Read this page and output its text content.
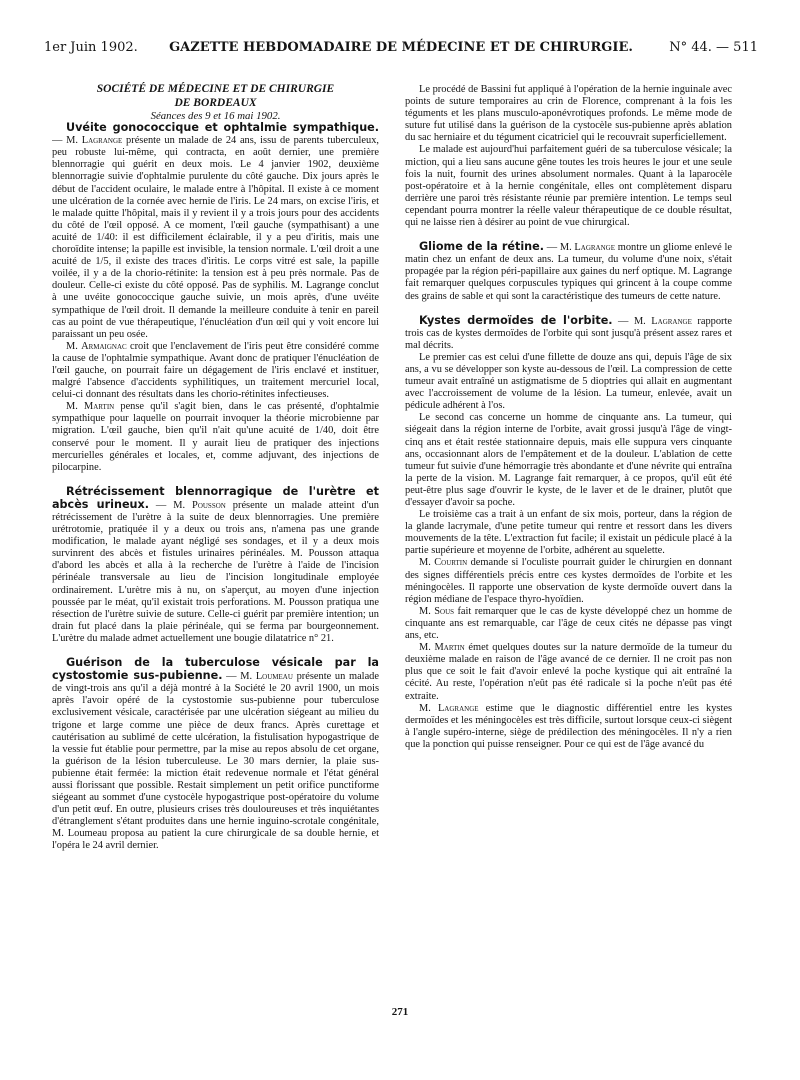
1er Juin 1902.	GAZETTE HEBDOMADAIRE DE MÉDECINE ET DE CHIRURGIE.	N° 44. — 511

SOCIÉTÉ DE MÉDECINE ET DE CHIRURGIE

DE BORDEAUX

Séances des 9 et 16 mai 1902.

Uvéite gonococcique et ophtalmie sympathique. — M. Lagrange présente un malade de 24 ans, issu de parents tuberculeux, peu robuste lui-même, qui contracta, en août dernier, une première blennorragie qui guérit en deux mois. Le 4 janvier 1902, deuxième blennorragie suivie d'ophtalmie purulente du côté gauche. Dix jours après le début de l'accident oculaire, le malade entre à l'hôpital. Il existe à ce moment une ulcération de la cornée avec hernie de l'iris. Le 24 mars, on excise l'iris, et le malade quitte l'hôpital, mais il y revient il y a trois jours pour des accidents du côté de l'œil opposé. A ce moment, l'œil gauche (sympathisant) a une acuité de 1/40: il est difficilement éclairable, il y a peu d'iritis, mais une choroïdite intense; la papille est invisible, la tension normale. L'œil droit a une acuité de 1/5, il existe des traces d'iritis. Le corps vitré est sale, la papille voilée, il y a de la chorio-rétinite: la tension est à peu près normale. Pas de douleur. Celle-ci existe du côté opposé. Pas de syphilis. M. Lagrange conclut à une uvéite gonococcique gauche suivie, un mois après, d'une uvéite sympathique de l'œil droit. Il demande la meilleure conduite à tenir en pareil cas au point de vue thérapeutique, l'énucléation d'un œil qui y voit encore lui paraissant un peu osée.

M. Armaignac croit que l'enclavement de l'iris peut être considéré comme la cause de l'ophtalmie sympathique. Avant donc de pratiquer l'énucléation de l'œil gauche, on pourrait faire un dégagement de l'iris enclavé et instituer, malgré l'absence d'accidents syphilitiques, un traitement mercuriel local, celui-ci donnant des résultats dans les chorio-rétinites infectieuses.

M. Martin pense qu'il s'agit bien, dans le cas présenté, d'ophtalmie sympathique pour laquelle on pourrait invoquer la théorie microbienne par migration. L'œil gauche, bien qu'il n'ait qu'une acuité de 1/40, doit être conservé pour le moment. Il y aurait lieu de pratiquer des injections mercurielles générales et locales, et, comme adjuvant, des injections de pilocarpine.

Rétrécissement blennorragique de l'urètre et abcès urineux. — M. Pousson présente un malade atteint d'un rétrécissement de l'urètre à la suite de deux blennorragies. Une première urétrotomie, pratiquée il y a deux ou trois ans, n'amena pas une grande modification, le malade ayant négligé ses sondages, et il y a deux mois survinrent des abcès et fistules urinaires périnéales. M. Pousson attaqua d'abord les abcès et alla à la recherche de l'urètre à l'aide de l'incision périnéale transversale au lieu de l'incision longitudinale employée ordinairement. L'urètre mis à nu, on s'aperçut, au moyen d'une injection poussée par le méat, qu'il existait trois perforations. M. Pousson pratiqua une résection de l'urètre suivie de suture. Celle-ci guérit par première intention; un drain fut placé dans la plaie périnéale, qui se ferma par bourgeonnement. L'urètre du malade admet actuellement une bougie dilatatrice n° 21.

Guérison de la tuberculose vésicale par la cystostomie sus-pubienne. — M. Loumeau présente un malade de vingt-trois ans qu'il a déjà montré à la Société le 20 avril 1900, un mois après l'avoir opéré de la cystostomie sus-pubienne pour tuberculose exclusivement vésicale, caractérisée par une ulcération siégeant au milieu du trigone et large comme une pièce de deux francs. Après curettage et cautérisation au sublimé de cette ulcération, la fistulisation hypogastrique de la vessie fut établie pour permettre, par la mise au repos absolu de cet organe, la guérison de la lésion tuberculeuse. Le 30 mars dernier, la plaie sus-pubienne était fermée: la miction était redevenue normale et l'état général aussi florissant que possible. Restait simplement un petit orifice punctiforme siégeant au sommet d'une cystocèle hypogastrique post-opératoire du volume d'un petit œuf. En outre, plusieurs crises très douloureuses et très inquiétantes d'étranglement s'étant produites dans une hernie inguino-scrotale congénitale, M. Loumeau proposa au patient la cure chirurgicale de sa double hernie, et l'opéra le 24 avril dernier.

Le procédé de Bassini fut appliqué à l'opération de la hernie inguinale avec points de suture temporaires au crin de Florence, comprenant à la fois les téguments et les plans musculo-aponévrotiques profonds. Le même mode de suture fut utilisé dans la guérison de la cystocèle sus-pubienne après ablation du sac herniaire et du tégument cicatriciel qui le recouvrait superficiellement.

Le malade est aujourd'hui parfaitement guéri de sa tuberculose vésicale; la miction, qui a lieu sans aucune gêne toutes les trois heures le jour et une seule fois la nuit, fournit des urines absolument normales. Quant à la laparocèle post-opératoire et à la hernie congénitale, elles ont complètement disparu derrière une paroi très résistante réunie par première intention. Le temps seul cependant pourra montrer la réelle valeur thérapeutique de ce double résultat, qui ne laisse rien à désirer au point de vue chirurgical.

Gliome de la rétine. — M. Lagrange montre un gliome enlevé le matin chez un enfant de deux ans. La tumeur, du volume d'une noix, s'était propagée par la région péri-papillaire aux gaines du nerf optique. M. Lagrange fait remarquer quelques corpuscules typiques qui grincent à la coupe comme des grains de sable et qui sont la caractéristique des tumeurs de cette nature.

Kystes dermoïdes de l'orbite. — M. Lagrange rapporte trois cas de kystes dermoïdes de l'orbite qui sont jusqu'à présent assez rares et mal décrits.

Le premier cas est celui d'une fillette de douze ans qui, depuis l'âge de six ans, a vu se développer son kyste au-dessous de l'œil. La compression de cette tumeur avait entraîné un astigmatisme de 5 dioptries qui allait en augmentant avec l'accroissement de volume de la lésion. La tumeur, enlevée, avait un pédicule adhérent à l'os.

Le second cas concerne un homme de cinquante ans. La tumeur, qui siégeait dans la région interne de l'orbite, avait grossi jusqu'à l'âge de vingt-cinq ans et était restée stationnaire depuis, mais elle suppura vers cinquante ans, occasionnant alors de l'empâtement et de la douleur. L'ablation de cette tumeur fut suivie d'une hémorragie très abondante et d'une névrite qui entraîna la perte de la vision. M. Lagrange fait remarquer, à ce propos, qu'il eût été peut-être plus sage d'ouvrir le kyste, de le laver et de le drainer, plutôt que d'essayer d'avoir sa poche.

Le troisième cas a trait à un enfant de six mois, porteur, dans la région de la glande lacrymale, d'une petite tumeur qui rentre et ressort dans les divers mouvements de la tête. L'extraction fut facile; il existait un pédicule placé à la partie supérieure et moyenne de l'orbite, adhérent au squelette.

M. Courtin demande si l'oculiste pourrait guider le chirurgien en donnant des signes différentiels précis entre ces kystes dermoïdes de l'orbite et les méningocèles. Il rapporte une observation de kyste dermoïde ouvert dans la région médiane de l'espace thyro-hyoïdien.

M. Sous fait remarquer que le cas de kyste développé chez un homme de cinquante ans est remarquable, car l'âge de ceux cités ne dépasse pas vingt ans, etc.

M. Martin émet quelques doutes sur la nature dermoïde de la tumeur du deuxième malade en raison de l'âge avancé de ce dernier. Il ne croit pas non plus que ce soit le fait d'avoir enlevé la poche kystique qui ait entraîné la cécité. Au reste, l'opération n'eût pas été radicale si la poche n'eût pas été extraite.

M. Lagrange estime que le diagnostic différentiel entre les kystes dermoïdes et les méningocèles est très difficile, surtout lorsque ceux-ci siègent à l'angle supéro-interne, siège de prédilection des méningocèles. Il n'y a rien que la ponction qui puisse renseigner. Pour ce qui est de l'âge avancé du

271
